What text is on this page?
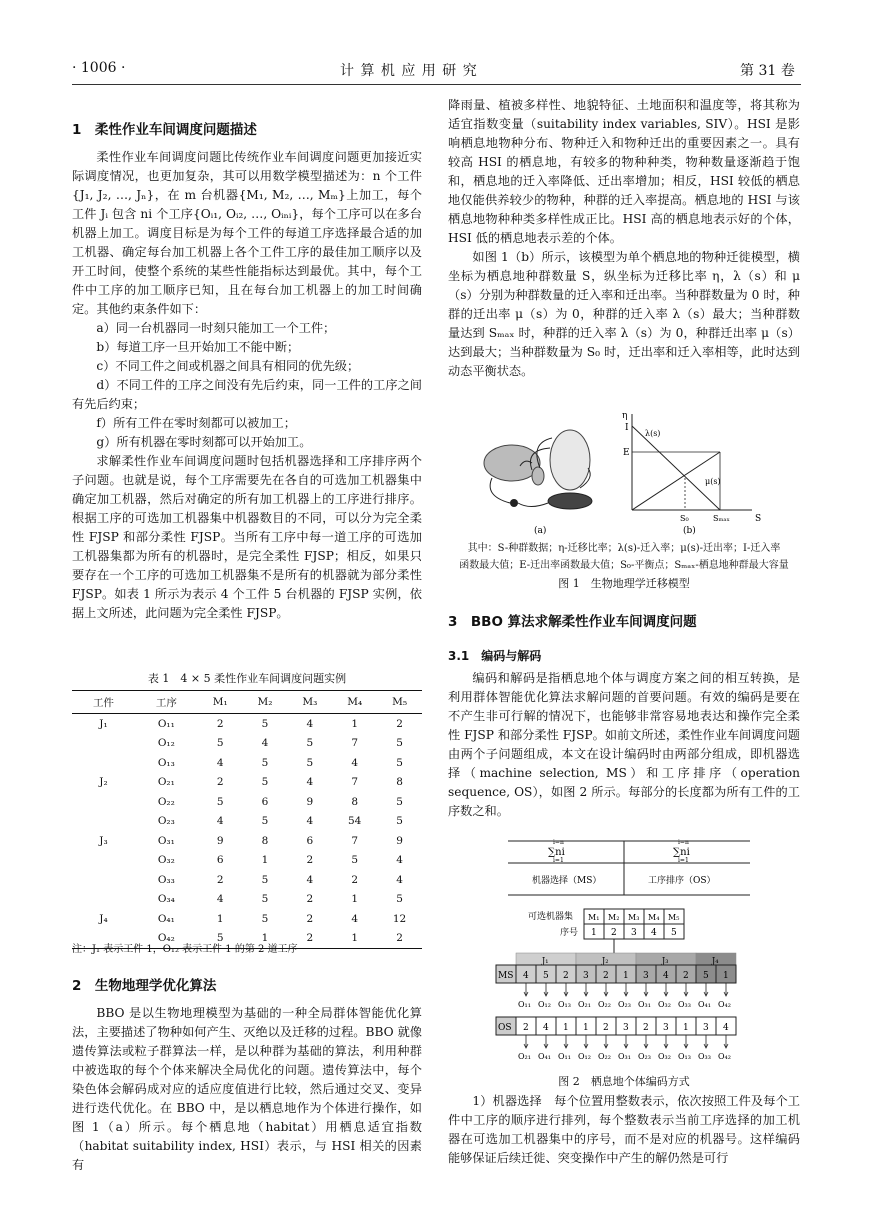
· 1006 ·	计 算 机 应 用 研 究	第 31 卷
1　柔性作业车间调度问题描述

柔性作业车间调度问题比传统作业车间调度问题更加接近实际调度情况，也更加复杂，其可以用数学模型描述为：n 个工件{J₁, J₂, …, Jₙ}，在 m 台机器{M₁, M₂, …, Mₘ}上加工，每个工件 Jᵢ 包含 ni 个工序{Oᵢ₁, Oᵢ₂, …, Oᵢₙᵢ}，每个工序可以在多台机器上加工。调度目标是为每个工件的每道工序选择最合适的加工机器、确定每台加工机器上各个工件工序的最佳加工顺序以及开工时间，使整个系统的某些性能指标达到最优。其中，每个工件中工序的加工顺序已知，且在每台加工机器上的加工时间确定。其他约束条件如下：

a）同一台机器同一时刻只能加工一个工件；

b）每道工序一旦开始加工不能中断；

c）不同工件之间或机器之间具有相同的优先级；

d）不同工件的工序之间没有先后约束，同一工件的工序之间有先后约束；

f）所有工件在零时刻都可以被加工；

g）所有机器在零时刻都可以开始加工。

求解柔性作业车间调度问题时包括机器选择和工序排序两个子问题。也就是说，每个工序需要先在各自的可选加工机器集中确定加工机器，然后对确定的所有加工机器上的工序进行排序。根据工序的可选加工机器集中机器数目的不同，可以分为完全柔性 FJSP 和部分柔性 FJSP。当所有工序中每一道工序的可选加工机器集都为所有的机器时，是完全柔性 FJSP；相反，如果只要存在一个工序的可选加工机器集不是所有的机器就为部分柔性 FJSP。如表 1 所示为表示 4 个工件 5 台机器的 FJSP 实例，依据上文所述，此问题为完全柔性 FJSP。

表 1　4 × 5 柔性作业车间调度问题实例
工件	工序	M₁	M₂	M₃	M₄	M₅
J₁	O₁₁	2	5	4	1	2
	O₁₂	5	4	5	7	5
	O₁₃	4	5	5	4	5
J₂	O₂₁	2	5	4	7	8
	O₂₂	5	6	9	8	5
	O₂₃	4	5	4	54	5
J₃	O₃₁	9	8	6	7	9
	O₃₂	6	1	2	5	4
	O₃₃	2	5	4	2	4
	O₃₄	4	5	2	1	5
J₄	O₄₁	1	5	2	4	12
	O₄₂	5	1	2	1	2
注：J₁ 表示工件 1，O₁₂ 表示工件 1 的第 2 道工序
2　生物地理学优化算法

BBO 是以生物地理模型为基础的一种全局群体智能优化算法，主要描述了物种如何产生、灭绝以及迁移的过程。BBO 就像遗传算法或粒子群算法一样，是以种群为基础的算法，利用种群中被选取的每个个体来解决全局优化的问题。遗传算法中，每个染色体会解码成对应的适应度值进行比较，然后通过交叉、变异进行迭代优化。在 BBO 中，是以栖息地作为个体进行操作，如图 1（a）所示。每个栖息地（habitat）用栖息适宜指数（habitat suitability index, HSI）表示，与 HSI 相关的因素有

降雨量、植被多样性、地貌特征、土地面积和温度等，将其称为适宜指数变量（suitability index variables, SIV）。HSI 是影响栖息地物种分布、物种迁入和物种迁出的重要因素之一。具有较高 HSI 的栖息地，有较多的物种种类，物种数量逐渐趋于饱和，栖息地的迁入率降低、迁出率增加；相反，HSI 较低的栖息地仅能供养较少的物种，种群的迁入率提高。栖息地的 HSI 与该栖息地物种种类多样性成正比。HSI 高的栖息地表示好的个体，HSI 低的栖息地表示差的个体。

如图 1（b）所示，该模型为单个栖息地的物种迁徙模型，横坐标为栖息地种群数量 S，纵坐标为迁移比率 η，λ（s）和 μ（s）分别为种群数量的迁入率和迁出率。当种群数量为 0 时，种群的迁出率 μ（s）为 0，种群的迁入率 λ（s）最大；当种群数量达到 Sₘₐₓ 时，种群的迁入率 λ（s）为 0，种群迁出率 μ（s）达到最大；当种群数量为 S₀ 时，迁出率和迁入率相等，此时达到动态平衡状态。

(a)
η
I
E
λ(s)
μ(s)
S₀	Sₘₐₓ	S
(b)
其中：S-种群数据；η-迁移比率；λ(s)-迁入率；μ(s)-迁出率；I-迁入率
函数最大值；E-迁出率函数最大值；S₀-平衡点；Sₘₐₓ-栖息地种群最大容量
图 1　生物地理学迁移模型
3　BBO 算法求解柔性作业车间调度问题
3.1　编码与解码

编码和解码是指栖息地个体与调度方案之间的相互转换，是利用群体智能优化算法求解问题的首要问题。有效的编码是要在不产生非可行解的情况下，也能够非常容易地表达和操作完全柔性 FJSP 和部分柔性 FJSP。如前文所述，柔性作业车间调度问题由两个子问题组成，本文在设计编码时由两部分组成，即机器选择（machine selection, MS）和工序排序（operation sequence, OS），如图 2 所示。每部分的长度都为所有工件的工序数之和。

∑ni
i=n
i=1
∑ni
i=n
i=1
机器选择（MS）	工序排序（OS）
可选机器集
序号
M₁
1
M₂
2
M₃
3
M₄
4
M₅
5
J₁	J₂	J₃	J₄
MS 4
O₁₁
5
O₁₂
2
O₁₃
3
O₂₁
2
O₂₂
1
O₂₃
3
O₃₁
4
O₃₂
2
O₃₃
5
O₄₁
1
O₄₂
OS 2
O₂₁
4
O₄₁
1
O₁₁
1
O₁₂
2
O₂₂
3
O₃₁
2
O₂₃
3
O₃₂
1
O₁₃
3
O₃₃
4
O₄₂
图 2　栖息地个体编码方式

1）机器选择　每个位置用整数表示，依次按照工件及每个工件中工序的顺序进行排列，每个整数表示当前工序选择的加工机器在可选加工机器集中的序号，而不是对应的机器号。这样编码能够保证后续迁徙、突变操作中产生的解仍然是可行
